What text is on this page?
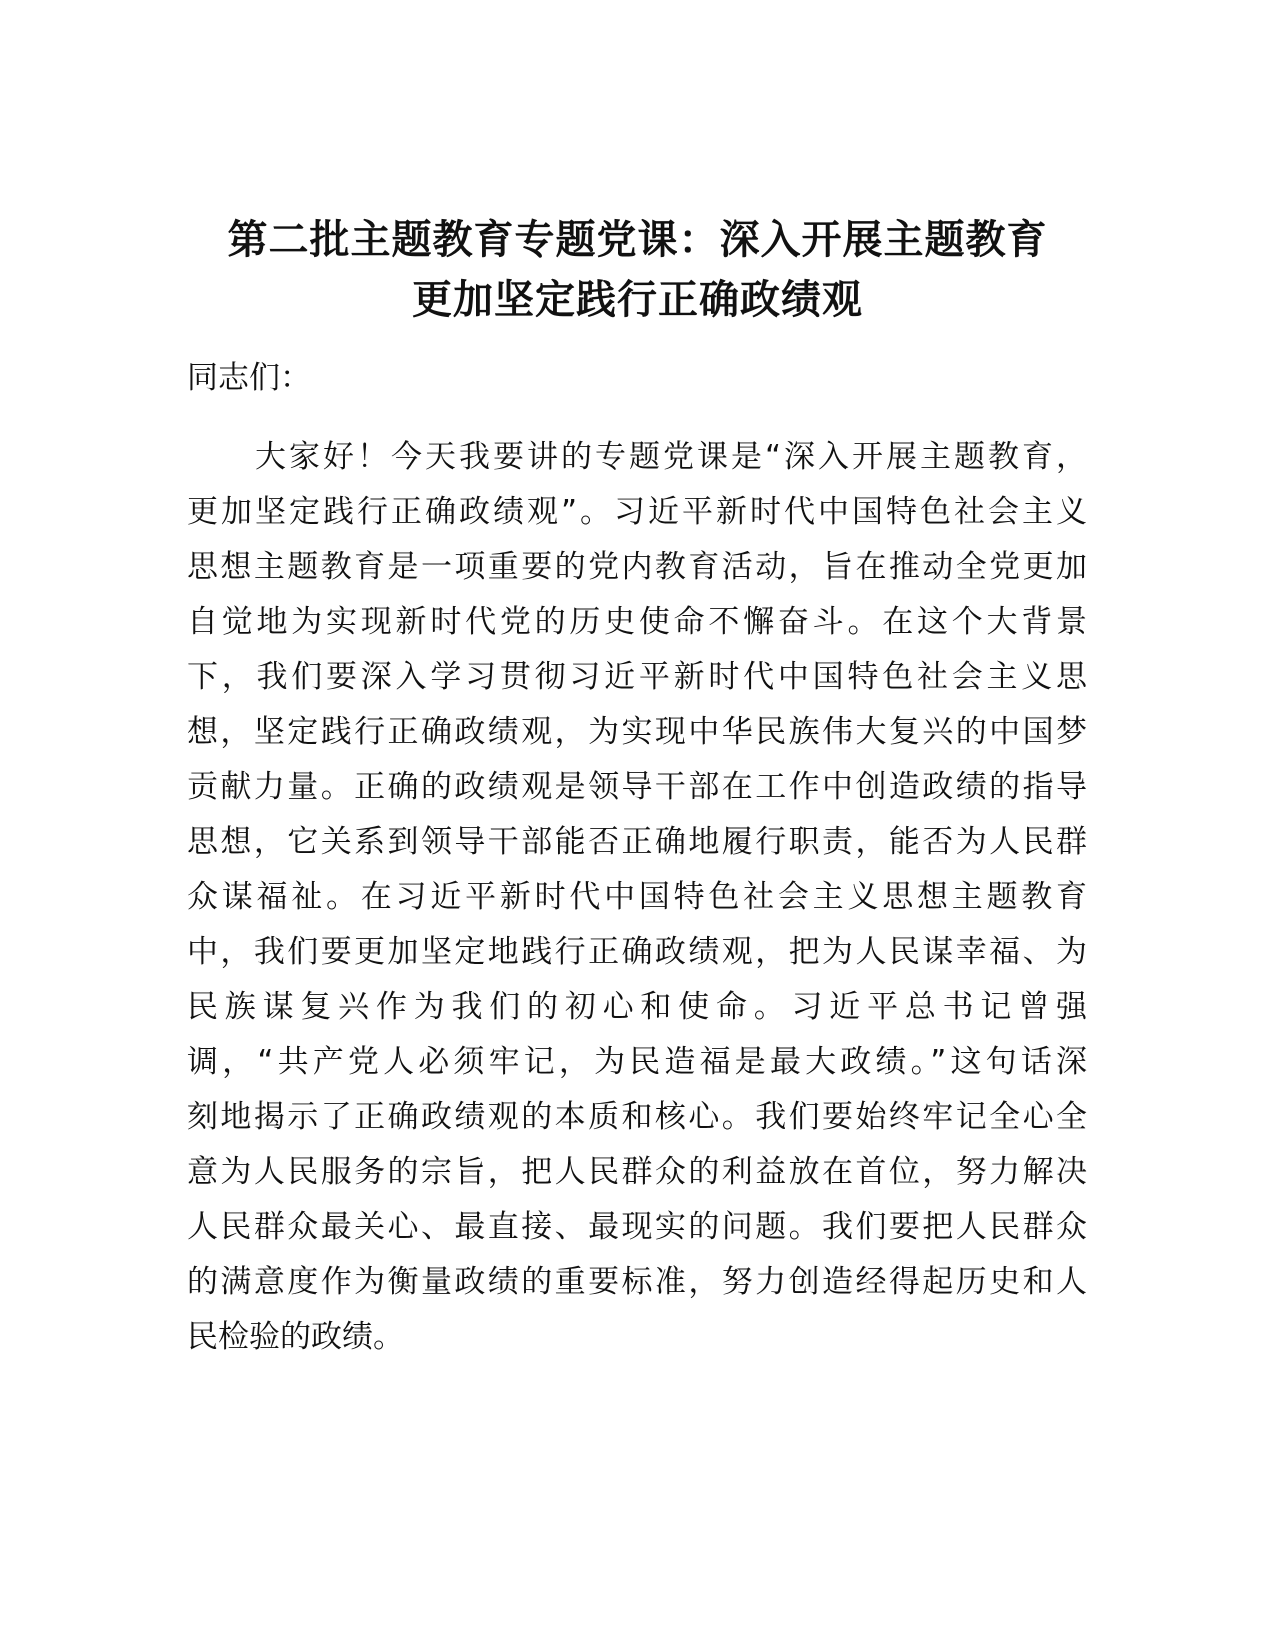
第二批主题教育专题党课：深入开展主题教育
更加坚定践行正确政绩观
同志们：
　　大家好！今天我要讲的专题党课是“深入开展主题教育，
更加坚定践行正确政绩观”。习近平新时代中国特色社会主义
思想主题教育是一项重要的党内教育活动，旨在推动全党更加
自觉地为实现新时代党的历史使命不懈奋斗。在这个大背景
下，我们要深入学习贯彻习近平新时代中国特色社会主义思
想，坚定践行正确政绩观，为实现中华民族伟大复兴的中国梦
贡献力量。正确的政绩观是领导干部在工作中创造政绩的指导
思想，它关系到领导干部能否正确地履行职责，能否为人民群
众谋福祉。在习近平新时代中国特色社会主义思想主题教育
中，我们要更加坚定地践行正确政绩观，把为人民谋幸福、为
民族谋复兴作为我们的初心和使命。习近平总书记曾强
调，“共产党人必须牢记，为民造福是最大政绩。”这句话深
刻地揭示了正确政绩观的本质和核心。我们要始终牢记全心全
意为人民服务的宗旨，把人民群众的利益放在首位，努力解决
人民群众最关心、最直接、最现实的问题。我们要把人民群众
的满意度作为衡量政绩的重要标准，努力创造经得起历史和人
民检验的政绩。
